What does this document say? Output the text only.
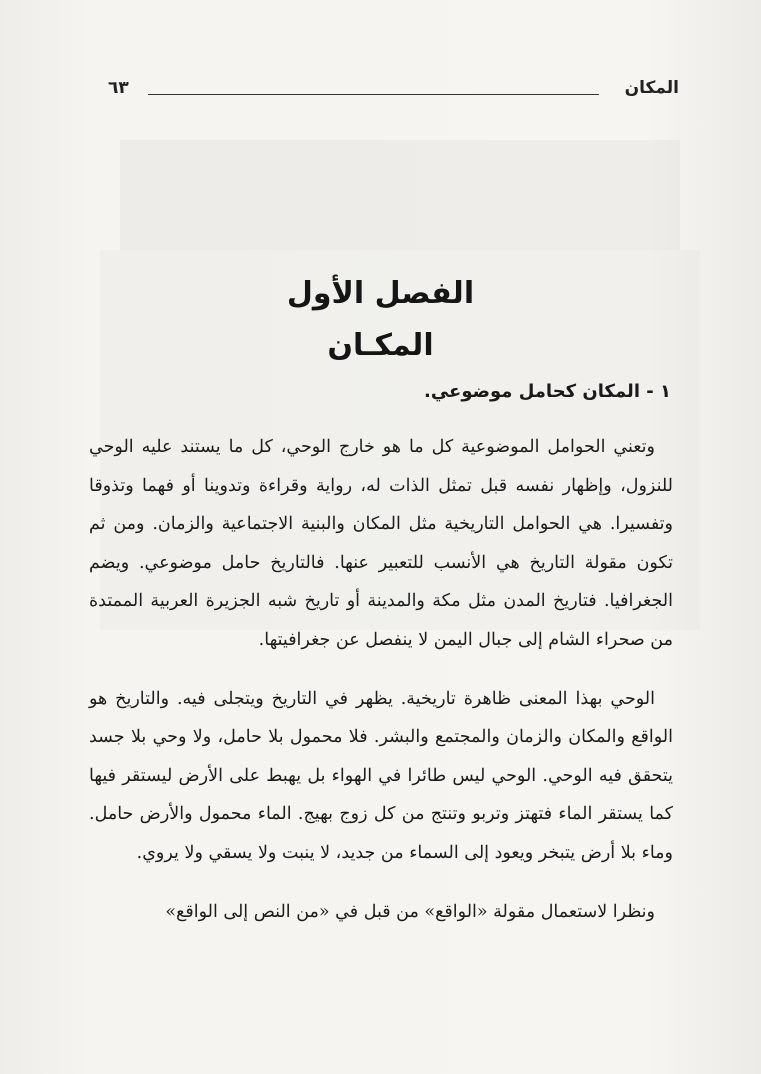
المكان
٦٣
الفصل الأول
المكـان
١ - المكان كحامل موضوعي.

وتعني الحوامل الموضوعية كل ما هو خارج الوحي، كل ما يستند عليه الوحي للنزول، وإظهار نفسه قبل تمثل الذات له، رواية وقراءة وتدوينا أو فهما وتذوقا وتفسيرا. هي الحوامل التاريخية مثل المكان والبنية الاجتماعية والزمان. ومن ثم تكون مقولة التاريخ هي الأنسب للتعبير عنها. فالتاريخ حامل موضوعي. ويضم الجغرافيا. فتاريخ المدن مثل مكة والمدينة أو تاريخ شبه الجزيرة العربية الممتدة من صحراء الشام إلى جبال اليمن لا ينفصل عن جغرافيتها.

الوحي بهذا المعنى ظاهرة تاريخية. يظهر في التاريخ ويتجلى فيه. والتاريخ هو الواقع والمكان والزمان والمجتمع والبشر. فلا محمول بلا حامل، ولا وحي بلا جسد يتحقق فيه الوحي. الوحي ليس طائرا في الهواء بل يهبط على الأرض ليستقر فيها كما يستقر الماء فتهتز وتربو وتنتج من كل زوج بهيج. الماء محمول والأرض حامل. وماء بلا أرض يتبخر ويعود إلى السماء من جديد، لا ينبت ولا يسقي ولا يروي.

ونظرا لاستعمال مقولة «الواقع» من قبل في «من النص إلى الواقع»
